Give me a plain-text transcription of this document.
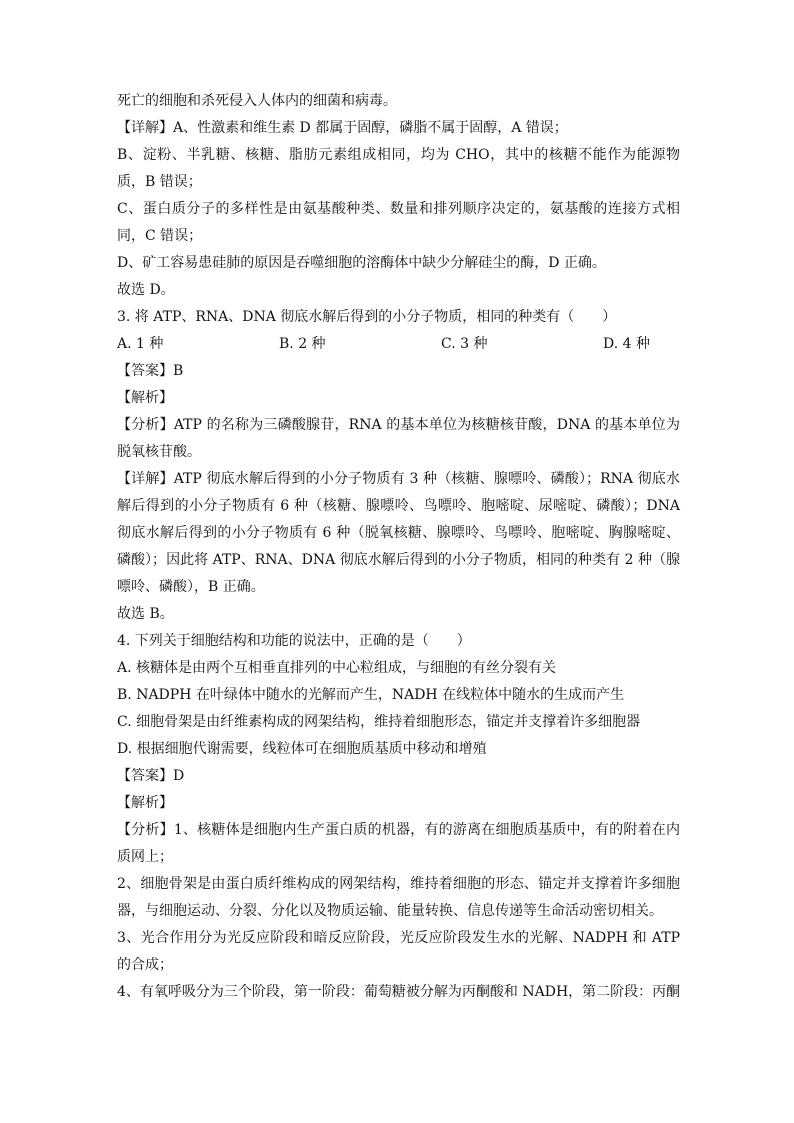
死亡的细胞和杀死侵入人体内的细菌和病毒。
【详解】A、性激素和维生素 D 都属于固醇，磷脂不属于固醇，A 错误；
B、淀粉、半乳糖、核糖、脂肪元素组成相同，均为 CHO，其中的核糖不能作为能源物质，B 错误；
C、蛋白质分子的多样性是由氨基酸种类、数量和排列顺序决定的，氨基酸的连接方式相同，C 错误；
D、矿工容易患硅肺的原因是吞噬细胞的溶酶体中缺少分解硅尘的酶，D 正确。
故选 D。
3. 将 ATP、RNA、DNA 彻底水解后得到的小分子物质，相同的种类有（　　）
A. 1 种	B. 2 种	C. 3 种	D. 4 种
【答案】B
【解析】
【分析】ATP 的名称为三磷酸腺苷，RNA 的基本单位为核糖核苷酸，DNA 的基本单位为脱氧核苷酸。
【详解】ATP 彻底水解后得到的小分子物质有 3 种（核糖、腺嘌呤、磷酸）；RNA 彻底水解后得到的小分子物质有 6 种（核糖、腺嘌呤、鸟嘌呤、胞嘧啶、尿嘧啶、磷酸）；DNA 彻底水解后得到的小分子物质有 6 种（脱氧核糖、腺嘌呤、鸟嘌呤、胞嘧啶、胸腺嘧啶、磷酸）；因此将 ATP、RNA、DNA 彻底水解后得到的小分子物质，相同的种类有 2 种（腺嘌呤、磷酸），B 正确。
故选 B。
4. 下列关于细胞结构和功能的说法中，正确的是（　　）
A. 核糖体是由两个互相垂直排列的中心粒组成，与细胞的有丝分裂有关
B. NADPH 在叶绿体中随水的光解而产生，NADH 在线粒体中随水的生成而产生
C. 细胞骨架是由纤维素构成的网架结构，维持着细胞形态，锚定并支撑着许多细胞器
D. 根据细胞代谢需要，线粒体可在细胞质基质中移动和增殖
【答案】D
【解析】
【分析】1、核糖体是细胞内生产蛋白质的机器，有的游离在细胞质基质中，有的附着在内质网上；
2、细胞骨架是由蛋白质纤维构成的网架结构，维持着细胞的形态、锚定并支撑着许多细胞器，与细胞运动、分裂、分化以及物质运输、能量转换、信息传递等生命活动密切相关。
3、光合作用分为光反应阶段和暗反应阶段，光反应阶段发生水的光解、NADPH 和 ATP 的合成；
4、有氧呼吸分为三个阶段，第一阶段：葡萄糖被分解为丙酮酸和 NADH，第二阶段：丙酮
